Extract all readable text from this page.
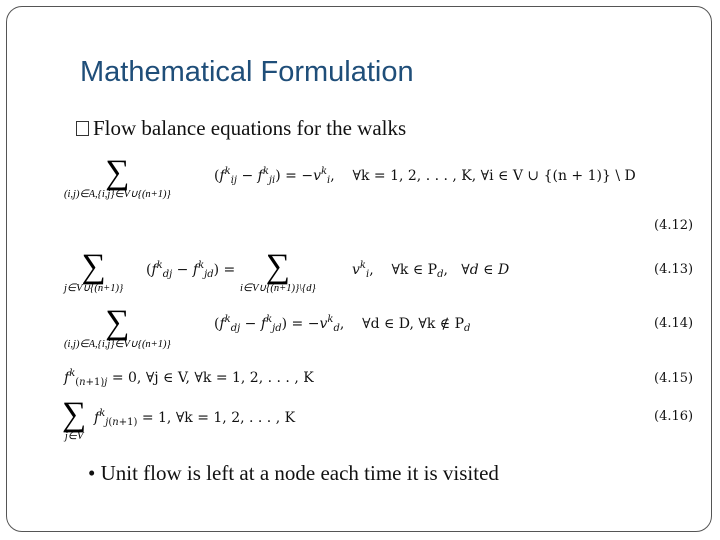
Mathematical Formulation
Flow balance equations for the walks
∑
(i,j)∈A,{i,j}∈V∪{(n+1)}
$(f^k_{ij} - f^k_{ji}) = -v^k_i$,    ∀k = 1, 2, . . . , K, ∀i ∈ V ∪ {(n + 1)} \ D
(4.12)
∑
j∈V∪{(n+1)}
$(f^k_{dj} - f^k_{jd})$ = ∑
i∈V∪{(n+1)}\{d}
$v^k_i$,    ∀k ∈ $P_d$,   ∀d ∈ D	(4.13)
∑
(i,j)∈A,{i,j}∈V∪{(n+1)}
$(f^k_{dj} - f^k_{jd}) = -v^k_d$,    ∀d ∈ D, ∀k ∉ $P_d$	(4.14)
$f^k_{(n+1)j} = 0$, ∀j ∈ V, ∀k = 1, 2, . . . , K	(4.15)
∑
j∈V
$f^k_{j(n+1)} = 1$, ∀k = 1, 2, . . . , K	(4.16)
• Unit flow is left at a node each time it is visited
